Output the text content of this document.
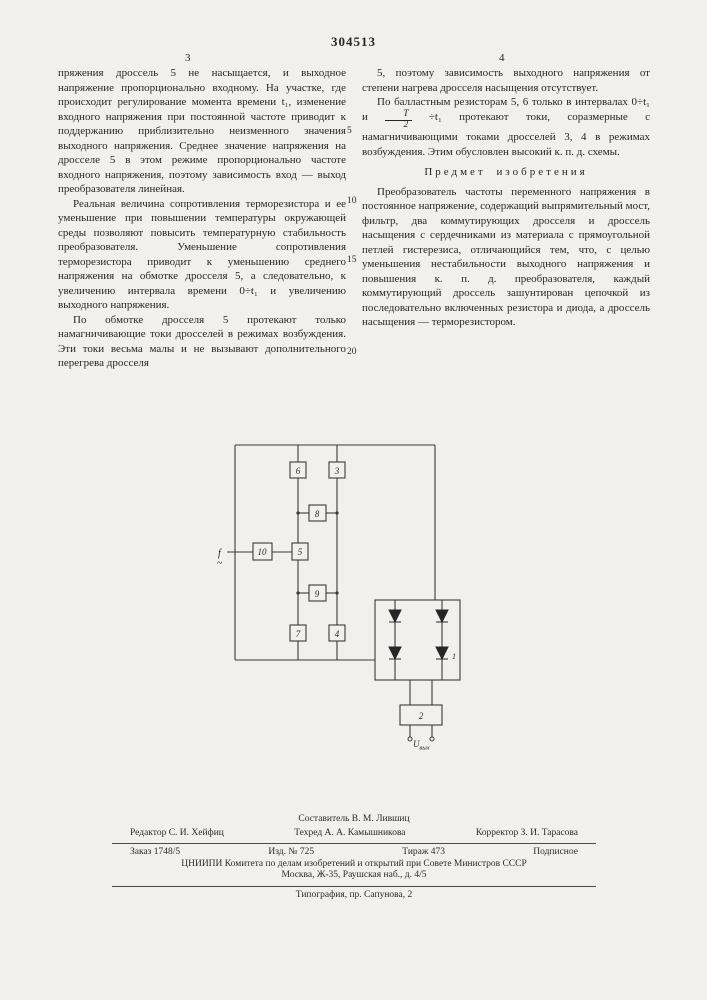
304513
3	4

пряжения дроссель 5 не насыщается, и выходное напряжение пропорционально входному. На участке, где происходит регулирование момента времени t₁, изменение входного напряжения при постоянной частоте приводит к поддержанию приблизительно неизменного значения выходного напряжения. Среднее значение напряжения на дросселе 5 в этом режиме пропорционально частоте входного напряжения, поэтому зависимость вход — выход преобразователя линейная.

Реальная величина сопротивления терморезистора и ее уменьшение при повышении температуры окружающей среды позволяют повысить температурную стабильность преобразователя. Уменьшение сопротивления терморезистора приводит к уменьшению среднего напряжения на обмотке дросселя 5, а следовательно, к увеличению интервала времени 0÷t₁ и увеличению выходного напряжения.

По обмотке дросселя 5 протекают только намагничивающие токи дросселей в режимах возбуждения. Эти токи весьма малы и не вызывают дополнительного перегрева дросселя

5
10
15
20

5, поэтому зависимость выходного напряжения от степени нагрева дросселя насыщения отсутствует.

По балластным резисторам 5, 6 только в интервалах 0÷t₁ и $\frac{T}{2} \div t_1$ протекают токи, соразмерные с намагничивающими токами дросселей 3, 4 в режимах возбуждения. Этим обусловлен высокий к. п. д. схемы.

Предмет изобретения

Преобразователь частоты переменного напряжения в постоянное напряжение, содержащий выпрямительный мост, фильтр, два коммутирующих дросселя и дроссель насыщения с сердечниками из материала с прямоугольной петлей гистерезиса, отличающийся тем, что, с целью уменьшения нестабильности выходного напряжения и повышения к. п. д. преобразователя, каждый коммутирующий дроссель зашунтирован цепочкой из последовательно включенных резистора и диода, а дроссель насыщения — терморезистором.

1
6	3
8
10	5
9
7	4
2
f
~
$U_{вых}$
Составитель В. М. Лившиц
Редактор С. И. Хейфиц	Техред А. А. Камышникова	Корректор З. И. Тарасова
Заказ 1748/5	Изд. № 725	Тираж 473	Подписное
ЦНИИПИ Комитета по делам изобретений и открытий при Совете Министров СССР
Москва, Ж-35, Раушская наб., д. 4/5
Типография, пр. Сапунова, 2
